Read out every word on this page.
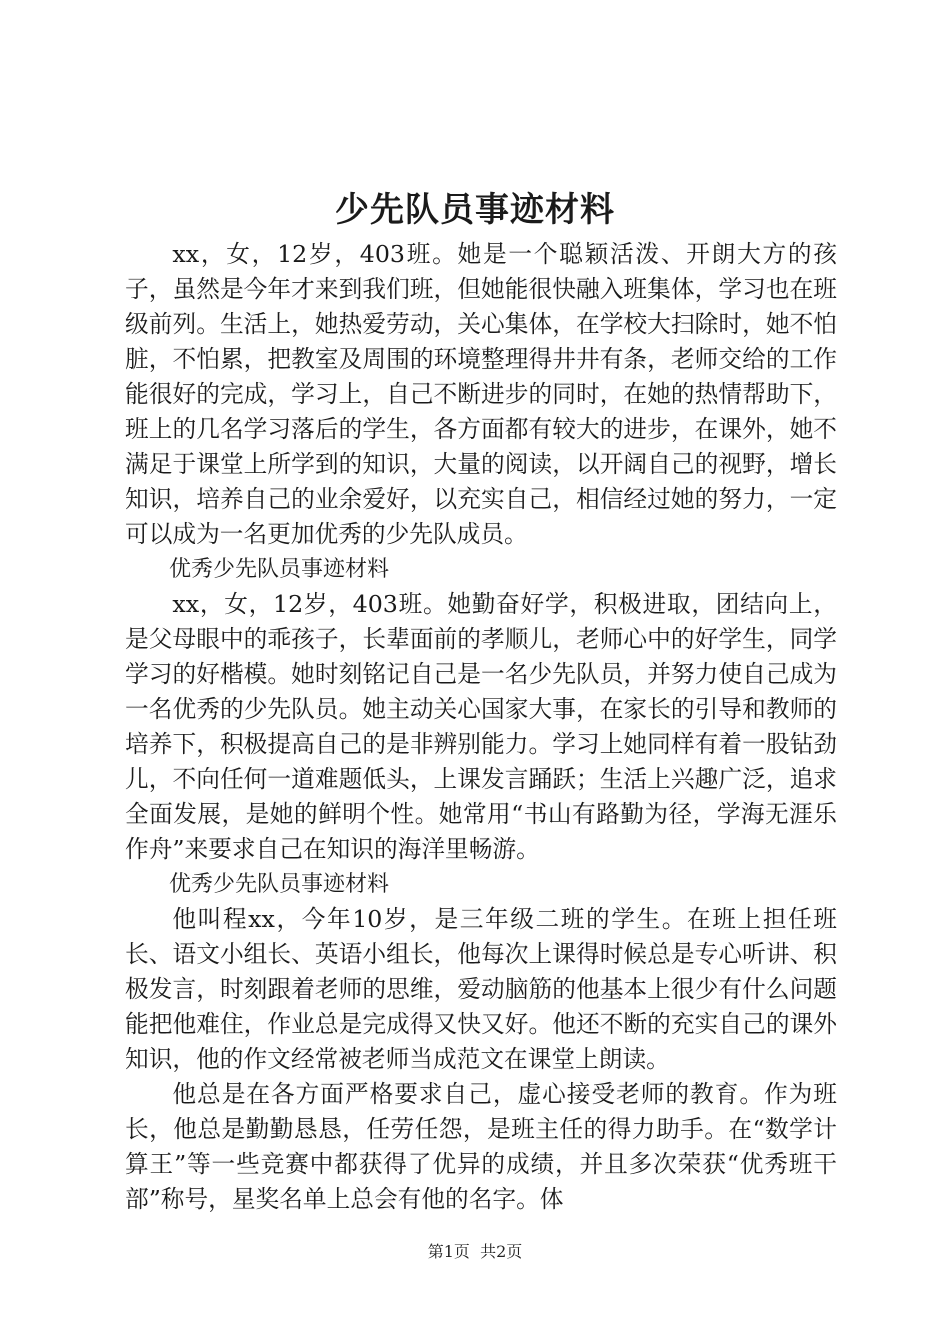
少先队员事迹材料

xx，女，12岁，403班。她是一个聪颖活泼、开朗大方的孩子，虽然是今年才来到我们班，但她能很快融入班集体，学习也在班级前列。生活上，她热爱劳动，关心集体，在学校大扫除时，她不怕脏，不怕累，把教室及周围的环境整理得井井有条，老师交给的工作能很好的完成，学习上，自己不断进步的同时，在她的热情帮助下，班上的几名学习落后的学生，各方面都有较大的进步，在课外，她不满足于课堂上所学到的知识，大量的阅读，以开阔自己的视野，增长知识，培养自己的业余爱好，以充实自己，相信经过她的努力，一定可以成为一名更加优秀的少先队成员。

优秀少先队员事迹材料

xx，女，12岁，403班。她勤奋好学，积极进取，团结向上，是父母眼中的乖孩子，长辈面前的孝顺儿，老师心中的好学生，同学学习的好楷模。她时刻铭记自己是一名少先队员，并努力使自己成为一名优秀的少先队员。她主动关心国家大事，在家长的引导和教师的培养下，积极提高自己的是非辨别能力。学习上她同样有着一股钻劲儿，不向任何一道难题低头，上课发言踊跃；生活上兴趣广泛，追求全面发展，是她的鲜明个性。她常用“书山有路勤为径，学海无涯乐作舟”来要求自己在知识的海洋里畅游。

优秀少先队员事迹材料

他叫程xx，今年10岁，是三年级二班的学生。在班上担任班长、语文小组长、英语小组长，他每次上课得时候总是专心听讲、积极发言，时刻跟着老师的思维，爱动脑筋的他基本上很少有什么问题能把他难住，作业总是完成得又快又好。他还不断的充实自己的课外知识，他的作文经常被老师当成范文在课堂上朗读。

他总是在各方面严格要求自己，虚心接受老师的教育。作为班长，他总是勤勤恳恳，任劳任怨，是班主任的得力助手。在“数学计算王”等一些竞赛中都获得了优异的成绩，并且多次荣获“优秀班干部”称号，星奖名单上总会有他的名字。体

第1页 共2页
